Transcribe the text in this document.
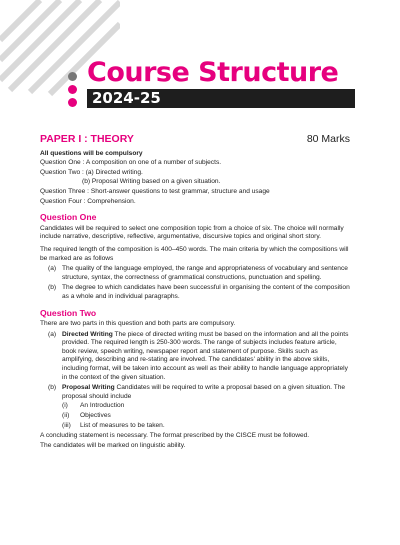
Course Structure
2024-25
PAPER I : THEORY	80 Marks
All questions will be compulsory
Question One : A composition on one of a number of subjects.
Question Two : (a) Directed writing.
(b) Proposal Writing based on a given situation.
Question Three : Short-answer questions to test grammar, structure and usage
Question Four : Comprehension.
Question One
Candidates will be required to select one composition topic from a choice of six. The choice will normally include narrative, descriptive, reflective, argumentative, discursive topics and original short story.
The required length of the composition is 400–450 words. The main criteria by which the compositions will be marked are as follows
(a) The quality of the language employed, the range and appropriateness of vocabulary and sentence structure, syntax, the correctness of grammatical constructions, punctuation and spelling.
(b) The degree to which candidates have been successful in organising the content of the composition as a whole and in individual paragraphs.
Question Two
There are two parts in this question and both parts are compulsory.
(a) Directed Writing The piece of directed writing must be based on the information and all the points provided. The required length is 250-300 words. The range of subjects includes feature article, book review, speech writing, newspaper report and statement of purpose. Skills such as amplifying, describing and re-stating are involved. The candidates' ability in the above skills, including format, will be taken into account as well as their ability to handle language appropriately in the context of the given situation.
(b) Proposal Writing Candidates will be required to write a proposal based on a given situation. The proposal should include
(i)	An Introduction
(ii)	Objectives
(iii)	List of measures to be taken.
A concluding statement is necessary. The format prescribed by the CISCE must be followed.
The candidates will be marked on linguistic ability.
